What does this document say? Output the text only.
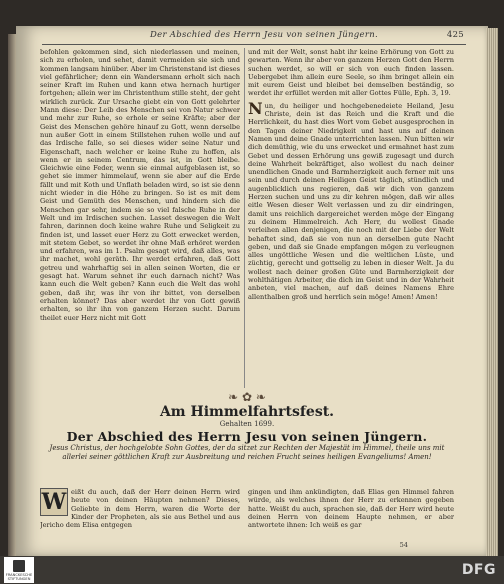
Der Abschied des Herrn Jesu von seinen Jüngern.	425

befohlen gekommen sind, sich niederlassen und meinen, sich zu erholen, und sehet, damit vermeiden sie sich und kommen langsam hinüber. Aber im Christenstand ist dieses viel gefährlicher; denn ein Wandersmann erholt sich nach seiner Kraft im Ruhen und kann etwa hernach hurtiger fortgehen; allein wer im Christenthum stille steht, der geht wirklich zurück. Zur Ursache giebt ein von Gott gelehrter Mann diese: Der Leib des Menschen sei von Natur schwer und mehr zur Ruhe, so erhole er seine Kräfte; aber der Geist des Menschen gehöre hinauf zu Gott, wenn derselbe nun außer Gott in einem Stillstehen ruhen wolle und auf das Irdische falle, so sei dieses wider seine Natur und Eigenschaft, nach welcher er keine Ruhe zu hoffen, als wenn er in seinem Centrum, das ist, in Gott bleibe. Gleichwie eine Feder, wenn sie einmal aufgeblasen ist, so gehet sie immer himmelauf, wenn sie aber auf die Erde fällt und mit Koth und Unflath beladen wird, so ist sie denn nicht wieder in die Höhe zu bringen. So ist es mit dem Geist und Gemüth des Menschen, und hindern sich die Menschen gar sehr, indem sie so viel falsche Ruhe in der Welt und im Irdischen suchen. Lasset deswegen die Welt fahren, darinnen doch keine wahre Ruhe und Seligkeit zu finden ist, und lasset euer Herz zu Gott erwecket werden, mit stetem Gebet, so werdet ihr ohne Maß erhöret werden und erfahren, was im 1. Psalm gesagt wird, daß alles, was ihr machet, wohl geräth. Ihr werdet erfahren, daß Gott getreu und wahrhaftig sei in allen seinen Worten, die er gesagt hat. Warum sehnet ihr euch darnach nicht? Was kann euch die Welt geben? Kann euch die Welt das wohl geben, daß ihr, was ihr von ihr bittet, von derselben erhalten könnet? Das aber werdet ihr von Gott gewiß erhalten, so ihr ihn von ganzem Herzen sucht. Darum theilet euer Herz nicht mit Gott

und mit der Welt, sonst habt ihr keine Erhörung von Gott zu gewarten. Wenn ihr aber von ganzem Herzen Gott den Herrn suchen werdet, so will er sich von euch finden lassen. Uebergebet ihm allein eure Seele, so ihm bringet allein ein mit eurem Geist und bleibet bei demselben beständig, so werdet ihr erfüllet werden mit aller Gottes Fülle, Eph. 3, 19.

Nun, du heiliger und hochgebenedeiete Heiland, Jesu Christe, dein ist das Reich und die Kraft und die Herrlichkeit, du hast dies Wort vom Gebet ausgesprochen in den Tagen deiner Niedrigkeit und hast uns auf deinen Namen und deine Gnade unterrichten lassen. Nun bitten wir dich demüthig, wie du uns erwecket und ermahnet hast zum Gebet und dessen Erhörung uns gewiß zugesagt und durch deine Wahrheit bekräftiget, also wollest du nach deiner unendlichen Gnade und Barmherzigkeit auch ferner mit uns sein und durch deinen Heiligen Geist täglich, stündlich und augenblicklich uns regieren, daß wir dich von ganzem Herzen suchen und uns zu dir kehren mögen, daß wir alles eitle Wesen dieser Welt verlassen und zu dir eindringen, damit uns reichlich dargereichet werden möge der Eingang zu deinem Himmelreich. Ach Herr, du wollest Gnade verleihen allen denjenigen, die noch mit der Liebe der Welt behaftet sind, daß sie von nun an derselben gute Nacht geben, und daß sie Gnade empfangen mögen zu verleugnen alles ungöttliche Wesen und die weltlichen Lüste, und züchtig, gerecht und gottselig zu leben in dieser Welt. Ja du wollest nach deiner großen Güte und Barmherzigkeit der wohlthätigen Arbeiter, die dich im Geist und in der Wahrheit anbeten, viel machen, auf daß deines Namens Ehre allenthalben groß und herrlich sein möge! Amen! Amen!

❧ ✿ ❧
Am Himmelfahrtsfest.
Gehalten 1699.
Der Abschied des Herrn Jesu von seinen Jüngern.
Jesus Christus, der hochgelobte Sohn Gottes, der da sitzet zur Rechten der Majestät im Himmel, theile uns mit allerlei seiner göttlichen Kraft zur Ausbreitung und reichen Frucht seines heiligen Evangeliums! Amen!
W eißt du auch, daß der Herr deinen Herrn wird heute von deinen Häupten nehmen? Dieses, Geliebte in dem Herrn, waren die Worte der Kinder der Propheten, als sie aus Bethel und aus Jericho dem Elisa entgegen
gingen und ihm ankündigten, daß Elias gen Himmel fahren würde, als welches ihnen der Herr zu erkennen gegeben hatte. Weißt du auch, sprachen sie, daß der Herr wird heute deinen Herrn von deinem Haupte nehmen, er aber antwortete ihnen: Ich weiß es gar
54
FRANCKESCHE STIFTUNGEN
DFG
